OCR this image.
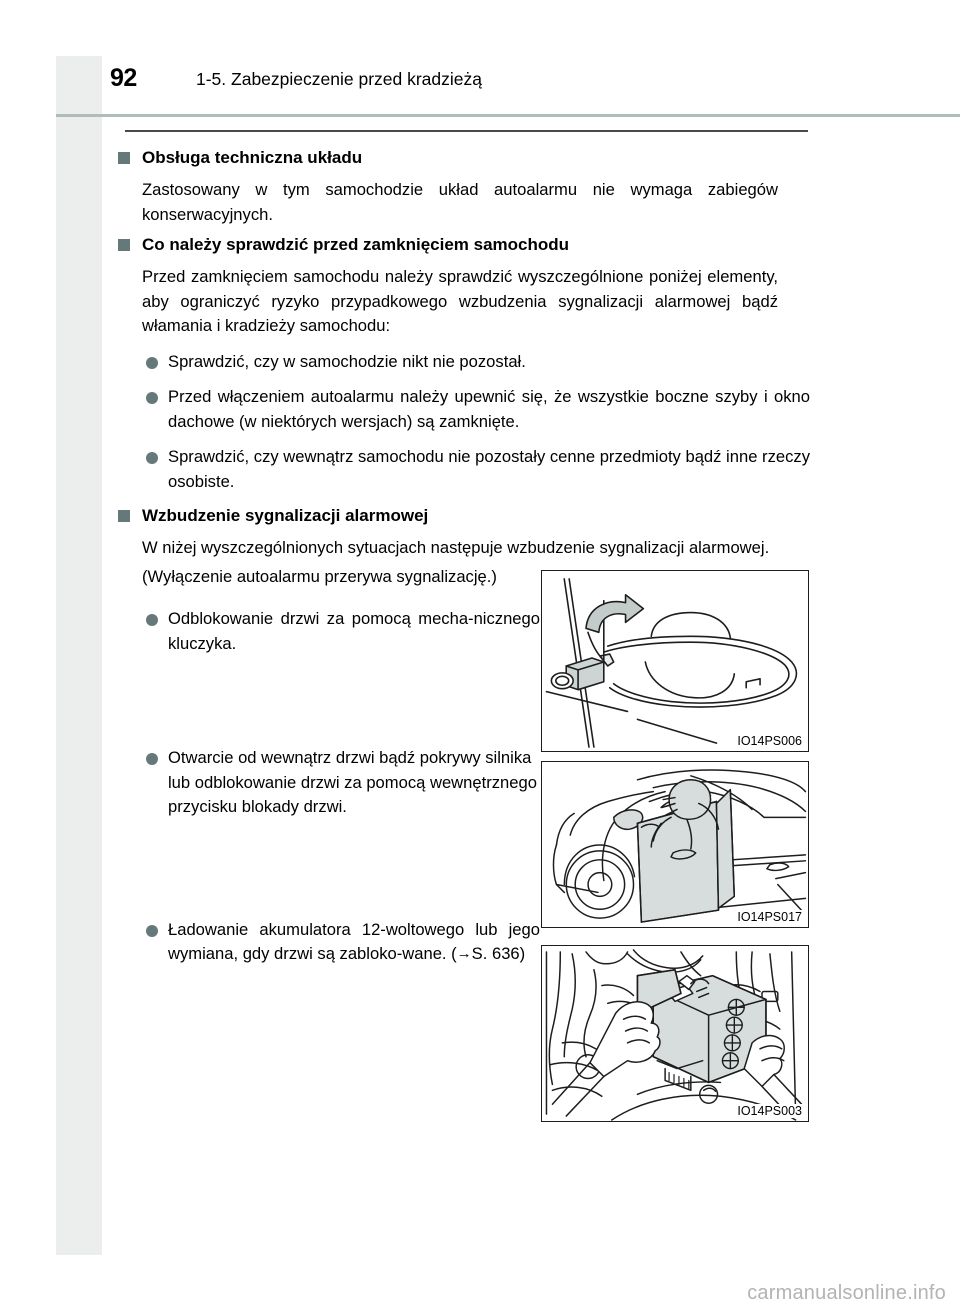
92	1-5. Zabezpieczenie przed kradzieżą
Obsługa techniczna układu
Zastosowany w tym samochodzie układ autoalarmu nie wymaga zabiegów konserwacyjnych.
Co należy sprawdzić przed zamknięciem samochodu
Przed zamknięciem samochodu należy sprawdzić wyszczególnione poniżej elementy, aby ograniczyć ryzyko przypadkowego wzbudzenia sygnalizacji alarmowej bądź włamania i kradzieży samochodu:
Sprawdzić, czy w samochodzie nikt nie pozostał.
Przed włączeniem autoalarmu należy upewnić się, że wszystkie boczne szyby i okno dachowe (w niektórych wersjach) są zamknięte.
Sprawdzić, czy wewnątrz samochodu nie pozostały cenne przedmioty bądź inne rzeczy osobiste.
Wzbudzenie sygnalizacji alarmowej
W niżej wyszczególnionych sytuacjach następuje wzbudzenie sygnalizacji alarmowej.
(Wyłączenie autoalarmu przerywa sygnalizację.)
Odblokowanie drzwi za pomocą mecha-nicznego kluczyka.
Otwarcie od wewnątrz drzwi bądź pokrywy silnika lub odblokowanie drzwi za pomocą wewnętrznego przycisku blokady drzwi.
Ładowanie akumulatora 12-woltowego lub jego wymiana, gdy drzwi są zabloko-wane. (→S. 636)
IO14PS006
IO14PS017
IO14PS003
carmanualsonline.info
